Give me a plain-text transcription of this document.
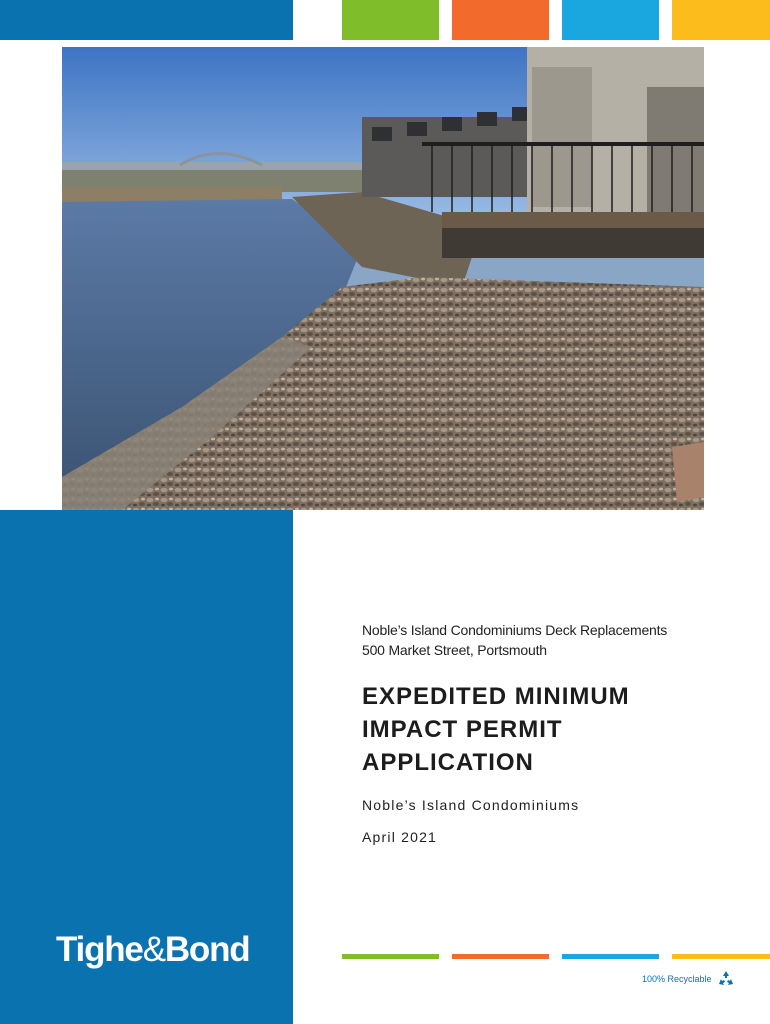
Noble’s Island Condominiums Deck Replacements

500 Market Street, Portsmouth

EXPEDITED MINIMUM
IMPACT PERMIT
APPLICATION

Noble’s Island Condominiums

April 2021

Tighe&Bond
100% Recyclable
